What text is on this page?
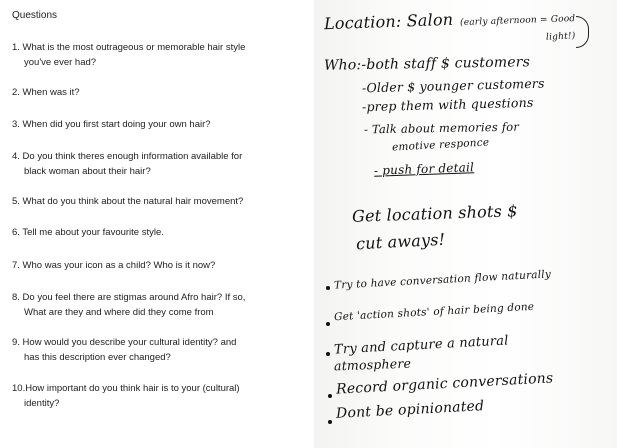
Questions
1. What is the most outrageous or memorable hair style
you've ever had?
2. When was it?
3. When did you first start doing your own hair?
4. Do you think theres enough information available for
black woman about their hair?
5. What do you think about the natural hair movement?
6. Tell me about your favourite style.
7. Who was your icon as a child? Who is it now?
8. Do you feel there are stigmas around Afro hair? If so,
What are they and where did they come from
9. How would you describe your cultural identity? and
has this description ever changed?
10.How important do you think hair is to your (cultural)
identity?
Location: Salon (early afternoon = Good
light!)
Who:-both staff $ customers
-Older $ younger customers
-prep them with questions
- Talk about memories for
emotive responce
- push for detail
Get location shots $
cut aways!
Try to have conversation flow naturally
Get 'action shots' of hair being done
Try and capture a natural
atmosphere
Record organic conversations
Dont be opinionated
